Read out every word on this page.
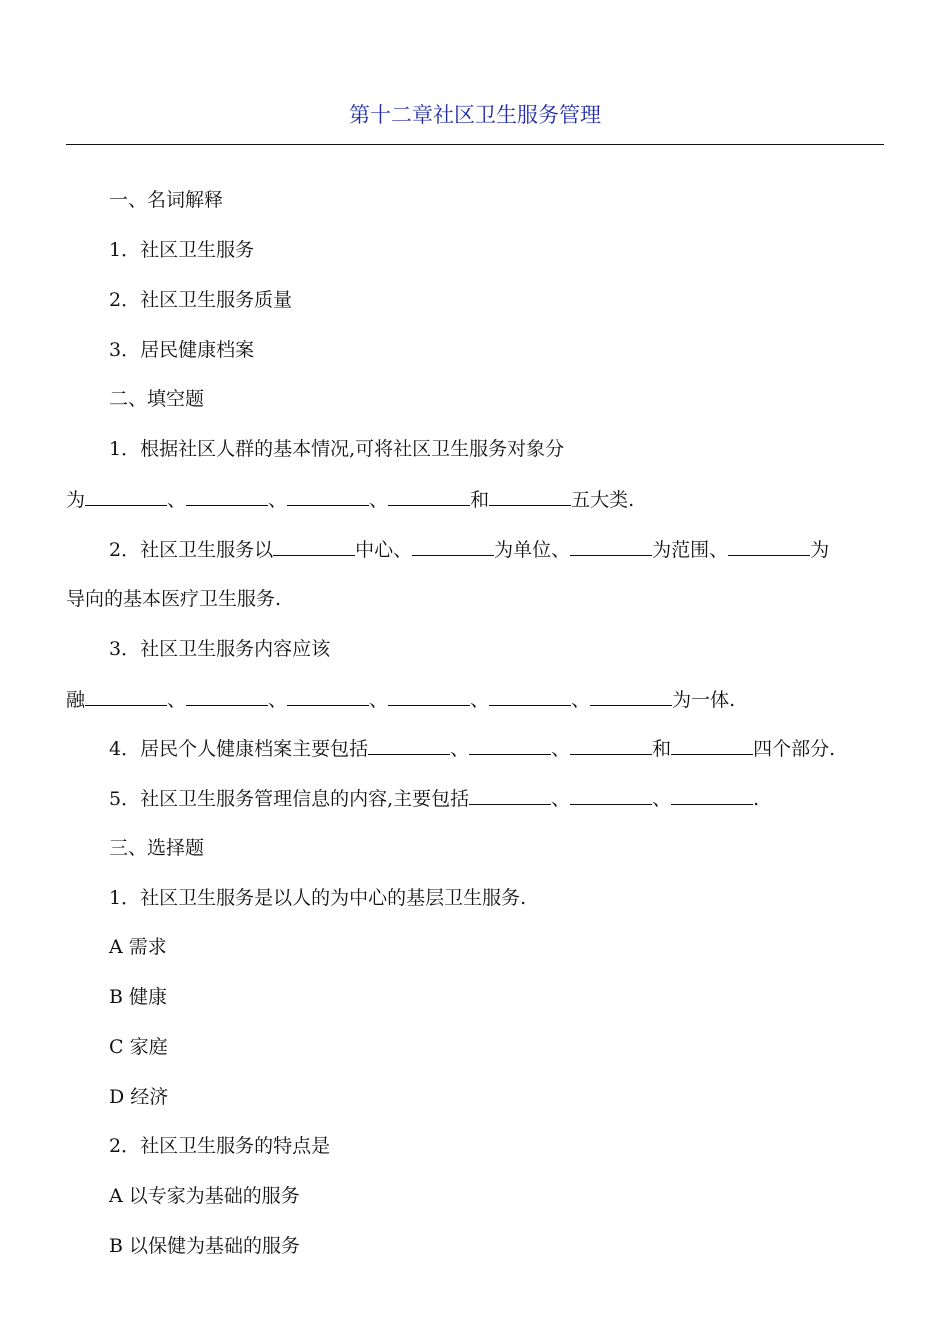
第十二章社区卫生服务管理
一、名词解释
1．社区卫生服务
2．社区卫生服务质量
3．居民健康档案
二、填空题
1．根据社区人群的基本情况,可将社区卫生服务对象分
为	、	、	、	和	五大类.
2．社区卫生服务以	中心、	为单位、	为范围、	为
导向的基本医疗卫生服务.
3．社区卫生服务内容应该
融	、	、	、	、	、	为一体.
4．居民个人健康档案主要包括	、	、	和	四个部分.
5．社区卫生服务管理信息的内容,主要包括	、	、	.
三、选择题
1．社区卫生服务是以人的为中心的基层卫生服务.
A 需求
B 健康
C 家庭
D 经济
2．社区卫生服务的特点是
A 以专家为基础的服务
B 以保健为基础的服务
